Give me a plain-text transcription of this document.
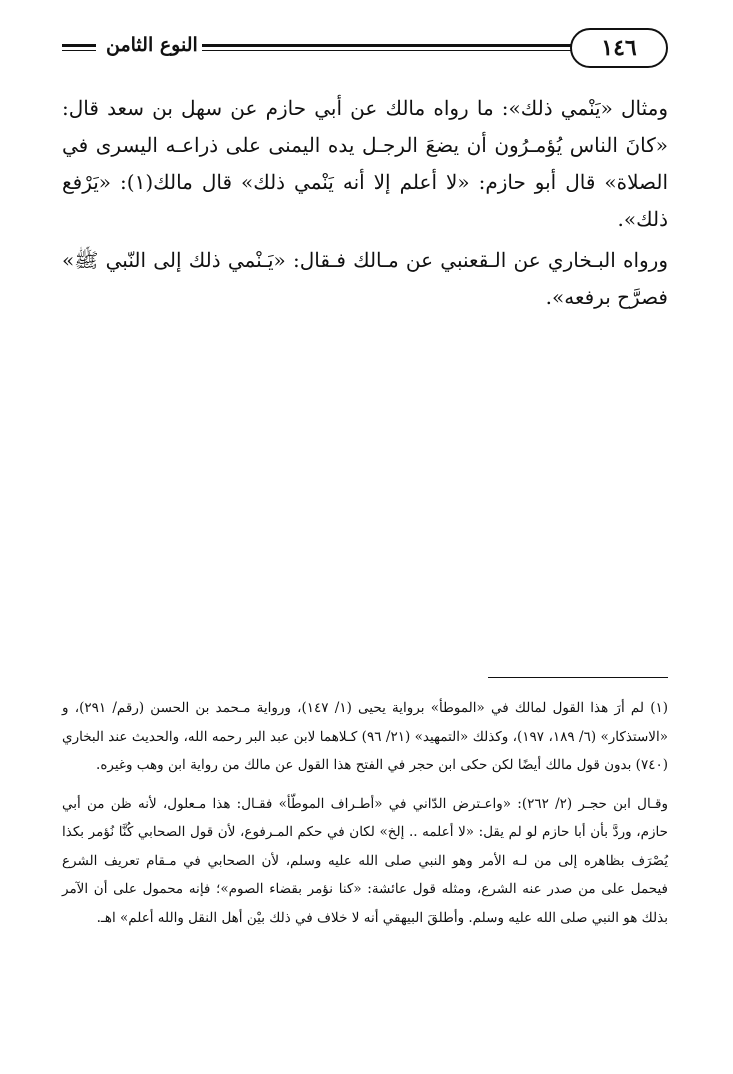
النوع الثامن	١٤٦

ومثال «يَنْمي ذلك»: ما رواه مالك عن أبي حازم عن سهل بن سعد قال: «كانَ الناس يُؤمـرُون أن يضعَ الرجـل يده اليمنى على ذراعـه اليسرى في الصلاة» قال أبو حازم: «لا أعلم إلا أنه يَنْمي ذلك» قال مالك(١): «يَرْفع ذلك».

ورواه البـخاري عن الـقعنبي عن مـالك فـقال: «يَـنْمي ذلك إلى النّبي ﷺ» فصرَّح برفعه».

(١) لم أرَ هذا القول لمالك في «الموطأ» برواية يحيى (١/ ١٤٧)، ورواية مـحمد بن الحسن (رقم/ ٢٩١)، و «الاستذكار» (٦/ ١٨٩، ١٩٧)، وكذلك «التمهيد» (٢١/ ٩٦) كـلاهما لابن عبد البر رحمه الله، والحديث عند البخاري (٧٤٠) بدون قول مالك أيضًا لكن حكى ابن حجر في الفتح هذا القول عن مالك من رواية ابن وهب وغيره.

وقـال ابن حجـر (٢/ ٢٦٢): «واعـترض الدّاني في «أطـراف الموطّأ» فقـال: هذا مـعلول، لأنه ظن من أبي حازم، وردَّ بأن أبا حازم لو لم يقل: «لا أعلمه .. إلخ» لكان في حكم المـرفوع، لأن قول الصحابي كُنَّا نُؤمر بكذا يُصْرَف بظاهره إلى من لـه الأمر وهو النبي صلى الله عليه وسلم، لأن الصحابي في مـقام تعريف الشرع فيحمل على من صدر عنه الشرع، ومثله قول عائشة: «كنا نؤمر بقضاء الصوم»؛ فإنه محمول على أن الآمر بذلك هو النبي صلى الله عليه وسلم. وأطلقَ البيهقي أنه لا خلاف في ذلك بيْن أهل النقل والله أعلم» اهـ.
